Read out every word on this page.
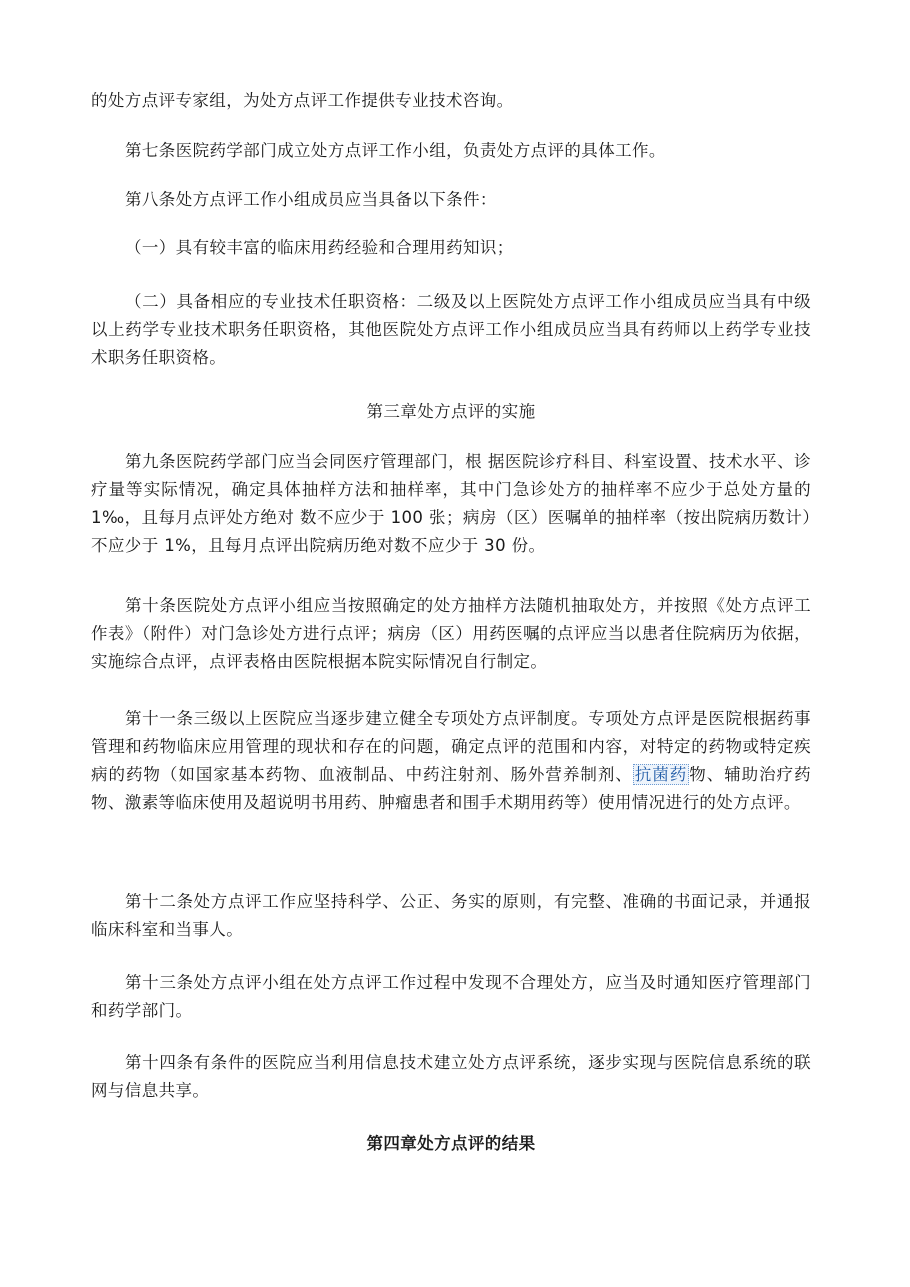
的处方点评专家组，为处方点评工作提供专业技术咨询。

第七条医院药学部门成立处方点评工作小组，负责处方点评的具体工作。

第八条处方点评工作小组成员应当具备以下条件：

（一）具有较丰富的临床用药经验和合理用药知识；

（二）具备相应的专业技术任职资格：二级及以上医院处方点评工作小组成员应当具有中级以上药学专业技术职务任职资格，其他医院处方点评工作小组成员应当具有药师以上药学专业技术职务任职资格。

第三章处方点评的实施

第九条医院药学部门应当会同医疗管理部门，根 据医院诊疗科目、科室设置、技术水平、诊疗量等实际情况，确定具体抽样方法和抽样率，其中门急诊处方的抽样率不应少于总处方量的 1‰，且每月点评处方绝对 数不应少于 100 张；病房（区）医嘱单的抽样率（按出院病历数计）不应少于 1%，且每月点评出院病历绝对数不应少于 30 份。

第十条医院处方点评小组应当按照确定的处方抽样方法随机抽取处方，并按照《处方点评工作表》（附件）对门急诊处方进行点评；病房（区）用药医嘱的点评应当以患者住院病历为依据，实施综合点评，点评表格由医院根据本院实际情况自行制定。

第十一条三级以上医院应当逐步建立健全专项处方点评制度。专项处方点评是医院根据药事管理和药物临床应用管理的现状和存在的问题，确定点评的范围和内容，对特定的药物或特定疾病的药物（如国家基本药物、血液制品、中药注射剂、肠外营养制剂、 抗菌药 物、辅助治疗药物、激素等临床使用及超说明书用药、肿瘤患者和围手术期用药等）使用情况进行的处方点评。

第十二条处方点评工作应坚持科学、公正、务实的原则，有完整、准确的书面记录，并通报临床科室和当事人。

第十三条处方点评小组在处方点评工作过程中发现不合理处方，应当及时通知医疗管理部门和药学部门。

第十四条有条件的医院应当利用信息技术建立处方点评系统，逐步实现与医院信息系统的联网与信息共享。

第四章处方点评的结果
